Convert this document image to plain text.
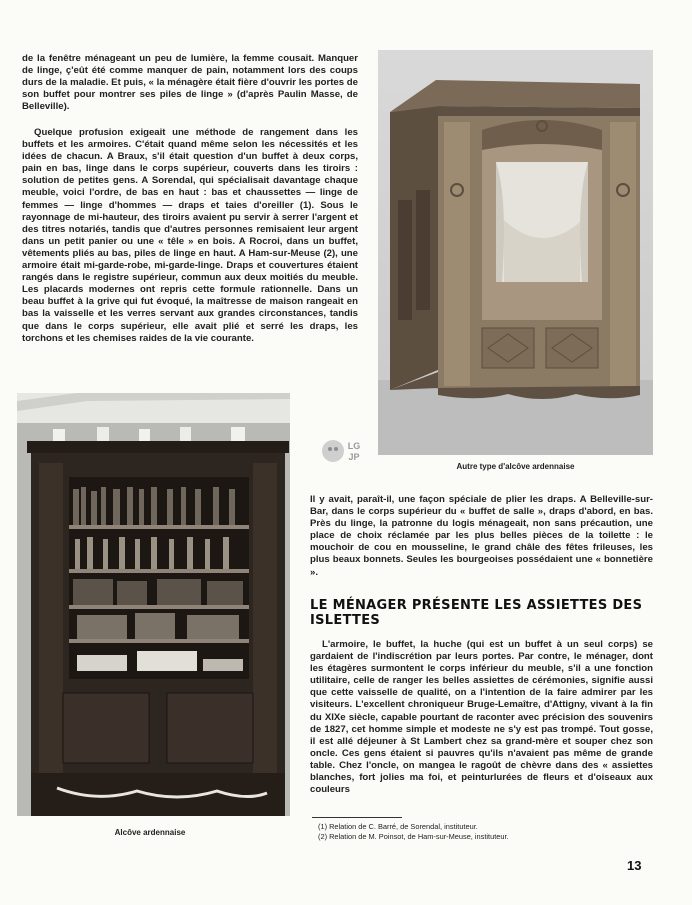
de la fenêtre ménageant un peu de lumière, la femme cousait. Manquer de linge, ç'eût été comme manquer de pain, notamment lors des coups durs de la maladie. Et puis, « la ménagère était fière d'ouvrir les portes de son buffet pour montrer ses piles de linge » (d'après Paulin Masse, de Belleville).

Quelque profusion exigeait une méthode de rangement dans les buffets et les armoires. C'était quand même selon les nécessités et les idées de chacun. A Braux, s'il était question d'un buffet à deux corps, pain en bas, linge dans le corps supérieur, couverts dans les tiroirs : solution de petites gens. A Sorendal, qui spécialisait davantage chaque meuble, voici l'ordre, de bas en haut : bas et chaussettes — linge de femmes — linge d'hommes — draps et taies d'oreiller (1). Sous le rayonnage de mi-hauteur, des tiroirs avaient pu servir à serrer l'argent et des titres notariés, tandis que d'autres personnes remisaient leur argent dans un petit panier ou une « têle » en bois. A Rocroi, dans un buffet, vêtements pliés au bas, piles de linge en haut. A Ham-sur-Meuse (2), une armoire était mi-garde-robe, mi-garde-linge. Draps et couvertures étaient rangés dans le registre supérieur, commun aux deux moitiés du meuble. Les placards modernes ont repris cette formule rationnelle. Dans un beau buffet à la grive qui fut évoqué, la maîtresse de maison rangeait en bas la vaisselle et les verres servant aux grandes circonstances, tandis que dans le corps supérieur, elle avait plié et serré les draps, les torchons et les chemises raides de la vie courante.

Autre type d'alcôve ardennaise
Alcôve ardennaise
LG
JP

Il y avait, paraît-il, une façon spéciale de plier les draps. A Belleville-sur-Bar, dans le corps supérieur du « buffet de salle », draps d'abord, en bas. Près du linge, la patronne du logis ménageait, non sans précaution, une place de choix réclamée par les plus belles pièces de la toilette : le mouchoir de cou en mousseline, le grand châle des fêtes frileuses, les plus beaux bonnets. Seules les bourgeoises possédaient une « bonnetière ».

LE MÉNAGER PRÉSENTE LES ASSIETTES DES ISLETTES

L'armoire, le buffet, la huche (qui est un buffet à un seul corps) se gardaient de l'indiscrétion par leurs portes. Par contre, le ménager, dont les étagères surmontent le corps inférieur du meuble, s'il a une fonction utilitaire, celle de ranger les belles assiettes de cérémonies, signifie aussi que cette vaisselle de qualité, on a l'intention de la faire admirer par les visiteurs. L'excellent chroniqueur Bruge-Lemaître, d'Attigny, vivant à la fin du XIXe siècle, capable pourtant de raconter avec précision des souvenirs de 1827, cet homme simple et modeste ne s'y est pas trompé. Tout gosse, il est allé déjeuner à St Lambert chez sa grand-mère et souper chez son oncle. Ces gens étaient si pauvres qu'ils n'avaient pas même de grande table. Chez l'oncle, on mangea le ragoût de chèvre dans des « assiettes blanches, fort jolies ma foi, et peinturlurées de fleurs et d'oiseaux aux couleurs

(1) Relation de C. Barré, de Sorendal, instituteur.
(2) Relation de M. Poinsot, de Ham-sur-Meuse, instituteur.
13
